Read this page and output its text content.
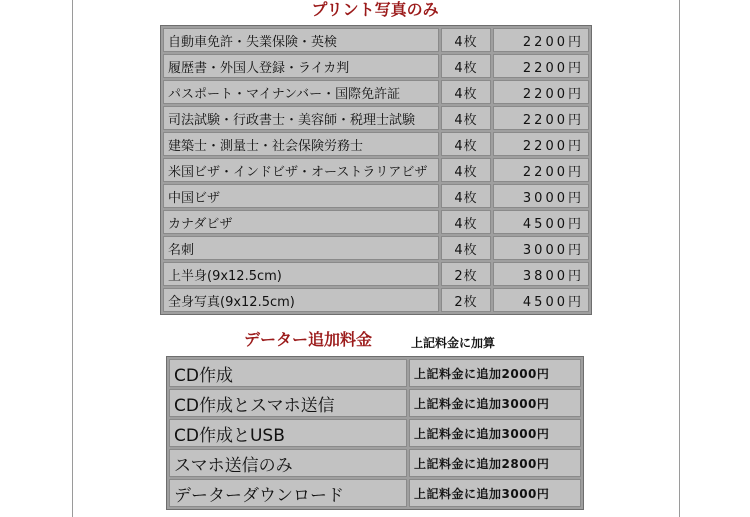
プリント写真のみ
自動車免許・失業保険・英検	4枚	2200円
履歴書・外国人登録・ライカ判	4枚	2200円
パスポート・マイナンバー・国際免許証	4枚	2200円
司法試験・行政書士・美容師・税理士試験	4枚	2200円
建築士・測量士・社会保険労務士	4枚	2200円
米国ビザ・インドビザ・オーストラリアビザ	4枚	2200円
中国ビザ	4枚	3000円
カナダビザ	4枚	4500円
名刺	4枚	3000円
上半身(9x12.5cm)	2枚	3800円
全身写真(9x12.5cm)	2枚	4500円
データー追加料金	上記料金に加算
CD作成	上記料金に追加2000円
CD作成とスマホ送信	上記料金に追加3000円
CD作成とUSB	上記料金に追加3000円
スマホ送信のみ	上記料金に追加2800円
データーダウンロード	上記料金に追加3000円
